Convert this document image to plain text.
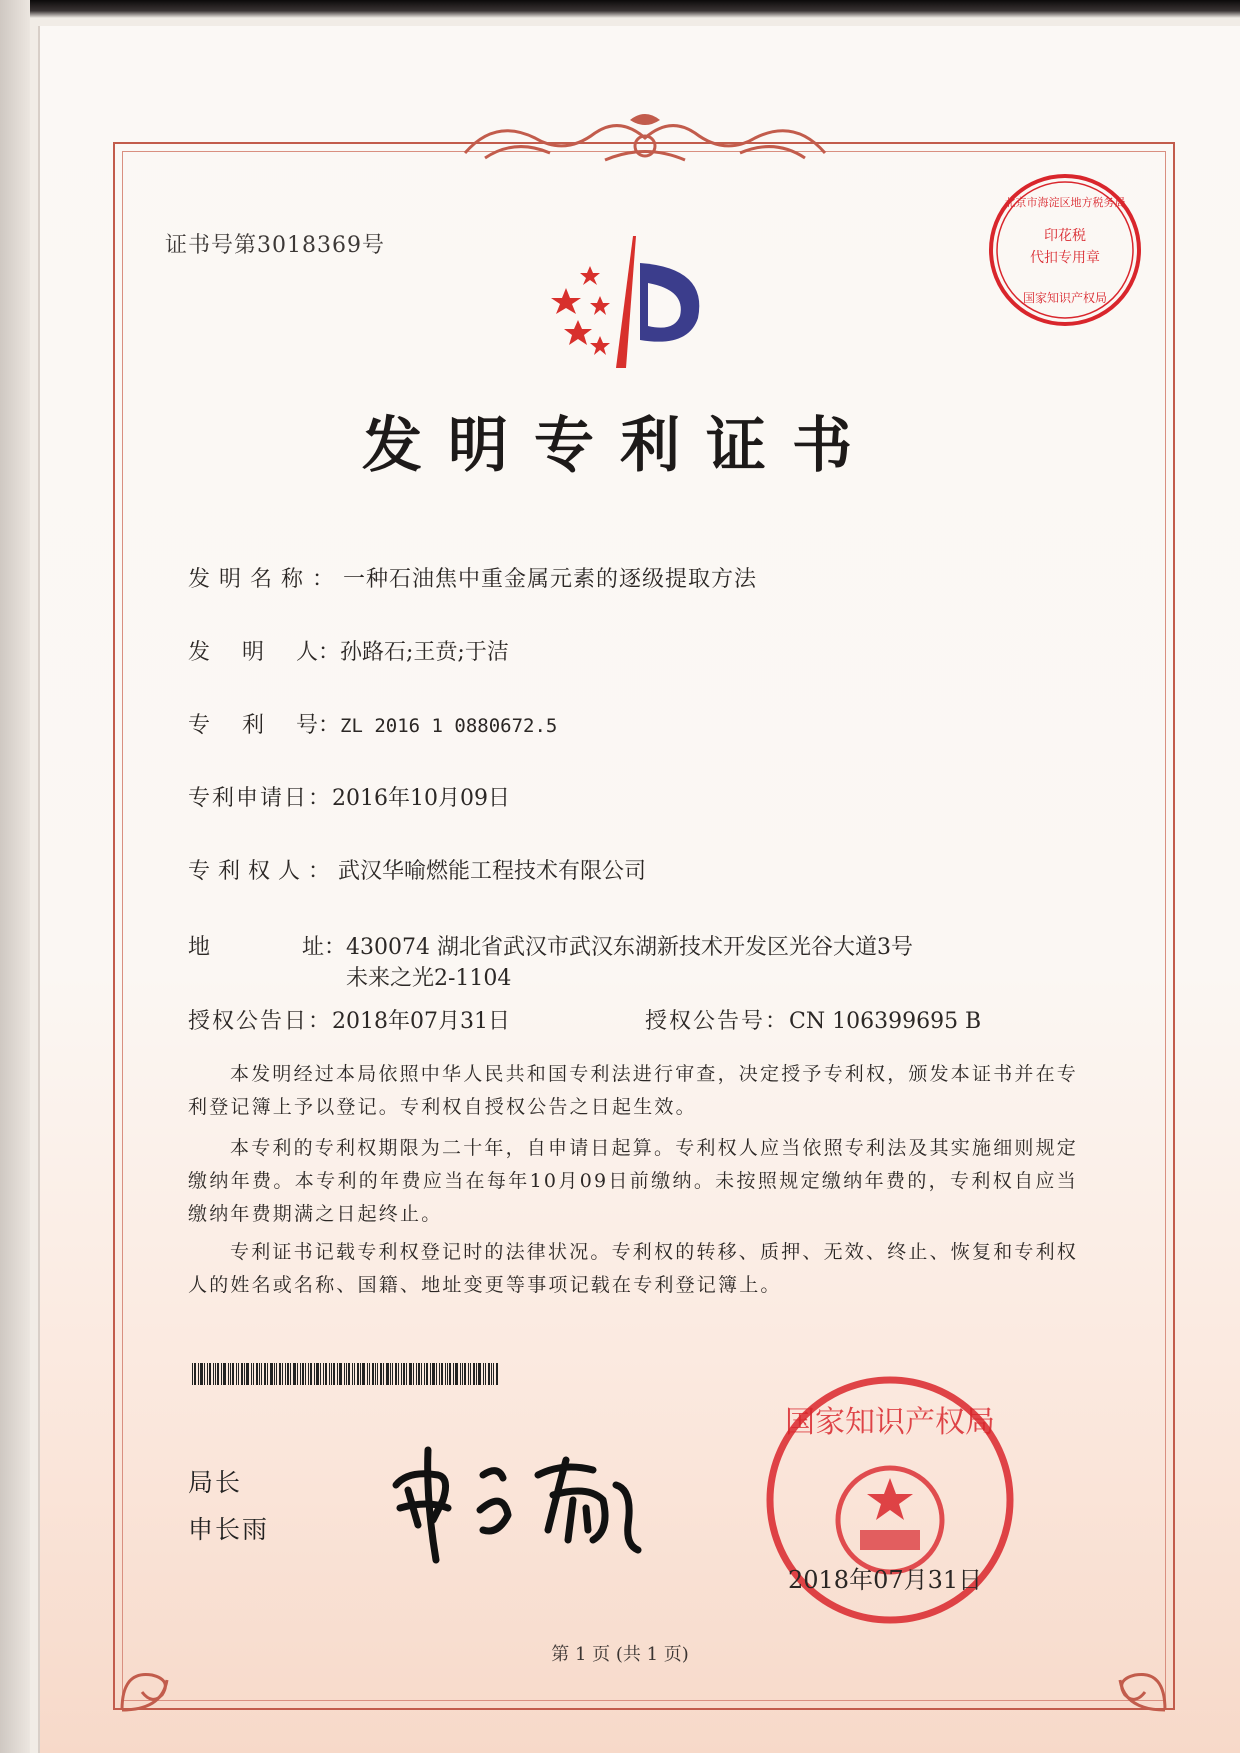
证书号第3018369号	印花税
代扣专用章
北京市海淀区地方税务局
国家知识产权局
发明专利证书
发明名称：一种石油焦中重金属元素的逐级提取方法
发 明 人：孙路石;王贲;于洁
专 利 号：ZL 2016 1 0880672.5
专利申请日：2016年10月09日
专利权人：武汉华喻燃能工程技术有限公司
地	址：430074 湖北省武汉市武汉东湖新技术开发区光谷大道3号
未来之光2-1104
授权公告日：2018年07月31日	授权公告号：CN 106399695 B
本发明经过本局依照中华人民共和国专利法进行审查，决定授予专利权，颁发本证书并在专利登记簿上予以登记。专利权自授权公告之日起生效。
本专利的专利权期限为二十年，自申请日起算。专利权人应当依照专利法及其实施细则规定缴纳年费。本专利的年费应当在每年10月09日前缴纳。未按照规定缴纳年费的，专利权自应当缴纳年费期满之日起终止。
专利证书记载专利权登记时的法律状况。专利权的转移、质押、无效、终止、恢复和专利权人的姓名或名称、国籍、地址变更等事项记载在专利登记簿上。
局长
申长雨
国家知识产权局
2018年07月31日
第 1 页 (共 1 页)
